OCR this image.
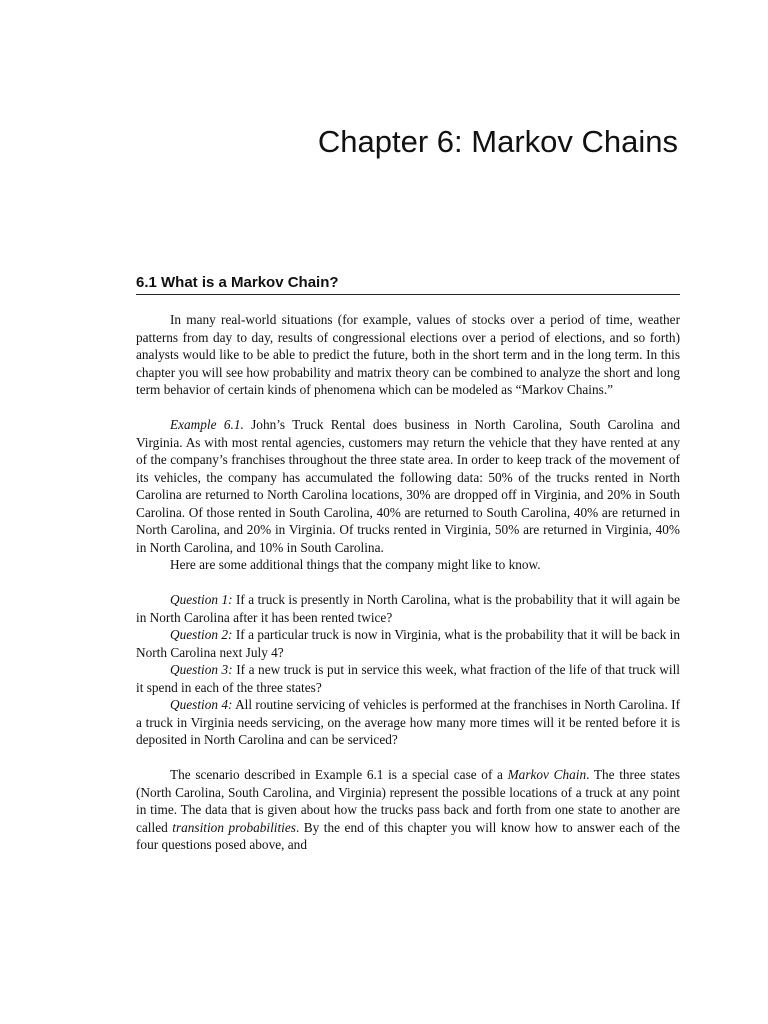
Chapter 6: Markov Chains
6.1 What is a Markov Chain?

In many real-world situations (for example, values of stocks over a period of time, weather patterns from day to day, results of congressional elections over a period of elections, and so forth) analysts would like to be able to predict the future, both in the short term and in the long term. In this chapter you will see how probability and matrix theory can be combined to analyze the short and long term behavior of certain kinds of phenomena which can be modeled as “Markov Chains.”

Example 6.1. John’s Truck Rental does business in North Carolina, South Carolina and Virginia. As with most rental agencies, customers may return the vehicle that they have rented at any of the company’s franchises throughout the three state area. In order to keep track of the movement of its vehicles, the company has accumulated the following data: 50% of the trucks rented in North Carolina are returned to North Carolina locations, 30% are dropped off in Virginia, and 20% in South Carolina. Of those rented in South Carolina, 40% are returned to South Carolina, 40% are returned in North Carolina, and 20% in Virginia. Of trucks rented in Virginia, 50% are returned in Virginia, 40% in North Carolina, and 10% in South Carolina.

Here are some additional things that the company might like to know.

Question 1: If a truck is presently in North Carolina, what is the probability that it will again be in North Carolina after it has been rented twice?

Question 2: If a particular truck is now in Virginia, what is the probability that it will be back in North Carolina next July 4?

Question 3: If a new truck is put in service this week, what fraction of the life of that truck will it spend in each of the three states?

Question 4: All routine servicing of vehicles is performed at the franchises in North Carolina. If a truck in Virginia needs servicing, on the average how many more times will it be rented before it is deposited in North Carolina and can be serviced?

The scenario described in Example 6.1 is a special case of a Markov Chain. The three states (North Carolina, South Carolina, and Virginia) represent the possible locations of a truck at any point in time. The data that is given about how the trucks pass back and forth from one state to another are called transition probabilities. By the end of this chapter you will know how to answer each of the four questions posed above, and
